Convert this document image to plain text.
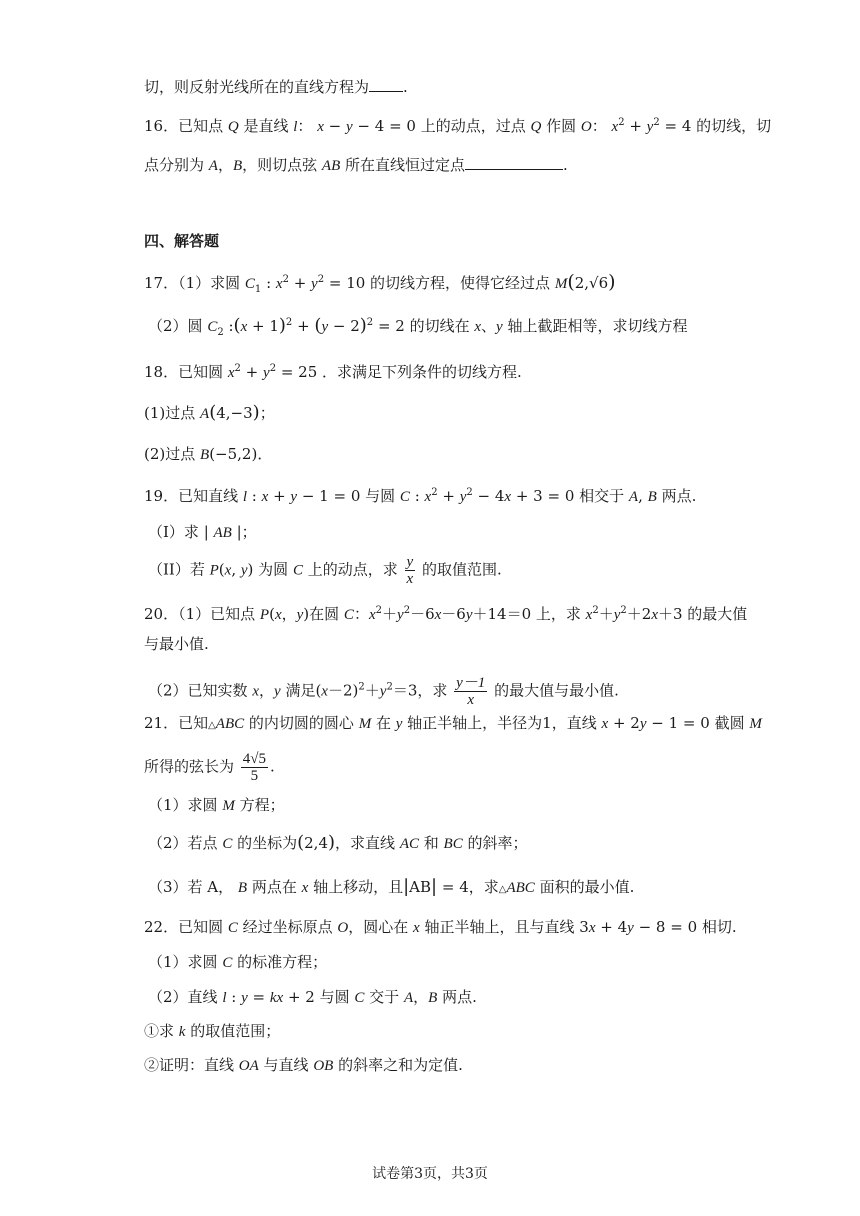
切，则反射光线所在的直线方程为 .
16．已知点 Q 是直线 l： x − y − 4 = 0 上的动点，过点 Q 作圆 O： $x^2 + y^2 = 4$ 的切线，切
点分别为 A，B，则切点弦 AB 所在直线恒过定点	.
四、解答题
17．（1）求圆 $C_1$ : $x^2 + y^2 = 10$ 的切线方程，使得它经过点 M(2,√6)
（2）圆 $C_2$ :(x + $1)^2 + (y - 2)^2 = 2$ 的切线在 x、y 轴上截距相等，求切线方程
18．已知圆 $x^2 + y^2 = 25$ ．求满足下列条件的切线方程.
(1)过点 A(4,−3)；
(2)过点 B(−5,2)．
19．已知直线 l : x + y − 1 = 0 与圆 C : $x^2 + y^2 - 4x + 3 = 0$ 相交于 A, B 两点.
（I）求 | AB |；
（II）若 P(x, y) 为圆 C 上的动点，求 $\frac{y}{x}$ 的取值范围.
20．（1）已知点 P(x，y)在圆 C：$x^2+y^2-6x-6y+14=0$ 上，求 $x^2+y^2+2x+3$ 的最大值
与最小值.
（2）已知实数 x，y 满足$(x-2)^2+y^2=3$，求 $\frac{y-1}{x}$ 的最大值与最小值.
21．已知△ABC 的内切圆的圆心 M 在 y 轴正半轴上，半径为1，直线 x + 2y − 1 = 0 截圆 M
所得的弦长为 $\frac{4√5}{5}$ .
（1）求圆 M 方程；
（2）若点 C 的坐标为(2,4)，求直线 AC 和 BC 的斜率；
（3）若 A， B 两点在 x 轴上移动，且|AB| = 4，求△ABC 面积的最小值.
22．已知圆 C 经过坐标原点 O，圆心在 x 轴正半轴上，且与直线 3x + 4y − 8 = 0 相切.
（1）求圆 C 的标准方程；
（2）直线 l : y = kx + 2 与圆 C 交于 A，B 两点.
①求 k 的取值范围；
②证明：直线 OA 与直线 OB 的斜率之和为定值.
试卷第3页，共3页
